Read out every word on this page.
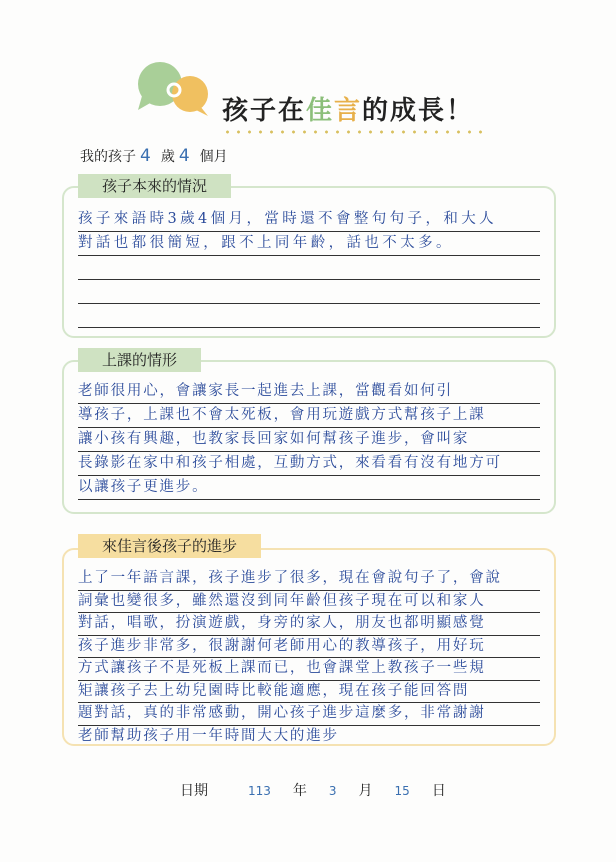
孩子在佳言的成長！
我的孩子 4 歲 4 個月
孩子本來的情況
孩子來語時3歲4個月，當時還不會整句句子，和大人
對話也都很簡短，跟不上同年齡，話也不太多。
上課的情形
老師很用心，會讓家長一起進去上課，當觀看如何引
導孩子，上課也不會太死板，會用玩遊戲方式幫孩子上課
讓小孩有興趣，也教家長回家如何幫孩子進步，會叫家
長錄影在家中和孩子相處，互動方式，來看看有沒有地方可
以讓孩子更進步。
來佳言後孩子的進步
上了一年語言課，孩子進步了很多，現在會說句子了，會說
詞彙也變很多，雖然還沒到同年齡但孩子現在可以和家人
對話，唱歌，扮演遊戲，身旁的家人，朋友也都明顯感覺
孩子進步非常多，很謝謝何老師用心的教導孩子，用好玩
方式讓孩子不是死板上課而已，也會課堂上教孩子一些規
矩讓孩子去上幼兒園時比較能適應，現在孩子能回答問
題對話，真的非常感動，開心孩子進步這麼多，非常謝謝
老師幫助孩子用一年時間大大的進步
日期	113 年 3 月 15 日
